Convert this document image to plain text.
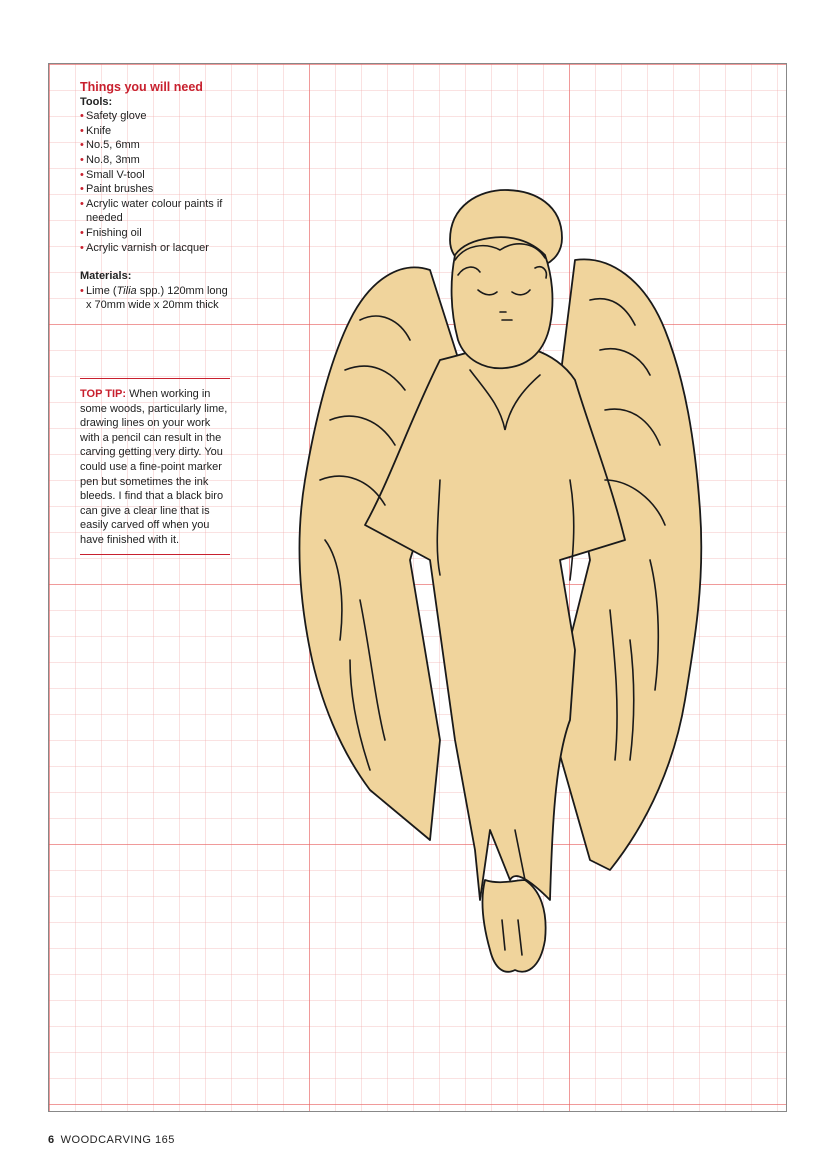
Things you will need

Tools:

• Safety glove
• Knife
• No.5, 6mm
• No.8, 3mm
• Small V-tool
• Paint brushes
• Acrylic water colour paints if needed
• Fnishing oil
• Acrylic varnish or lacquer

Materials:

• Lime (Tilia spp.) 120mm long x 70mm wide x 20mm thick
TOP TIP: When working in some woods, particularly lime, drawing lines on your work with a pencil can result in the carving getting very dirty. You could use a fine-point marker pen but sometimes the ink bleeds. I find that a black biro can give a clear line that is easily carved off when you have finished with it.
6 WOODCARVING 165
